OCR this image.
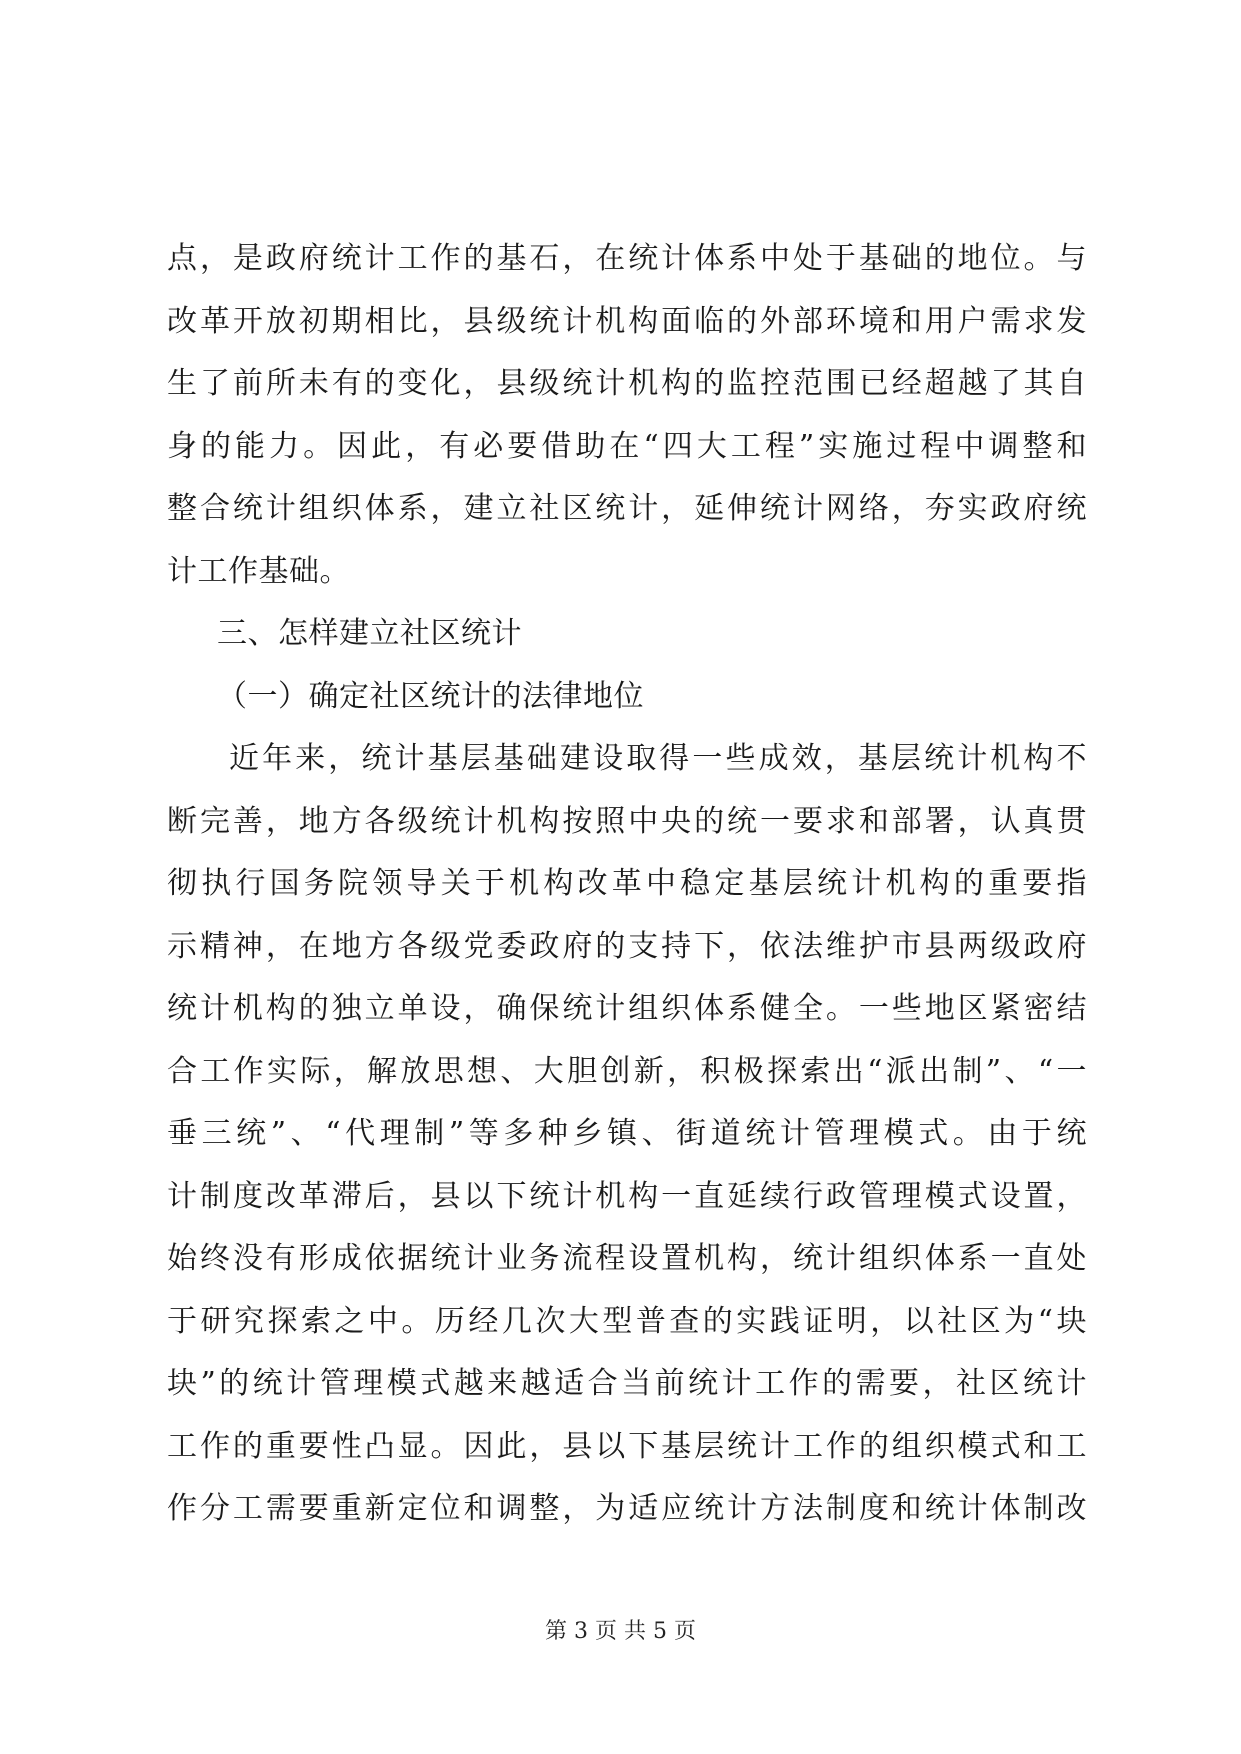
点，是政府统计工作的基石，在统计体系中处于基础的地位。与
改革开放初期相比，县级统计机构面临的外部环境和用户需求发
生了前所未有的变化，县级统计机构的监控范围已经超越了其自
身的能力。因此，有必要借助在“四大工程”实施过程中调整和
整合统计组织体系，建立社区统计，延伸统计网络，夯实政府统
计工作基础。
三、怎样建立社区统计
（一）确定社区统计的法律地位
近年来，统计基层基础建设取得一些成效，基层统计机构不
断完善，地方各级统计机构按照中央的统一要求和部署，认真贯
彻执行国务院领导关于机构改革中稳定基层统计机构的重要指
示精神，在地方各级党委政府的支持下，依法维护市县两级政府
统计机构的独立单设，确保统计组织体系健全。一些地区紧密结
合工作实际，解放思想、大胆创新，积极探索出“派出制”、“一
垂三统”、“代理制”等多种乡镇、街道统计管理模式。由于统
计制度改革滞后，县以下统计机构一直延续行政管理模式设置，
始终没有形成依据统计业务流程设置机构，统计组织体系一直处
于研究探索之中。历经几次大型普查的实践证明，以社区为“块
块”的统计管理模式越来越适合当前统计工作的需要，社区统计
工作的重要性凸显。因此，县以下基层统计工作的组织模式和工
作分工需要重新定位和调整，为适应统计方法制度和统计体制改
第 3 页 共 5 页
